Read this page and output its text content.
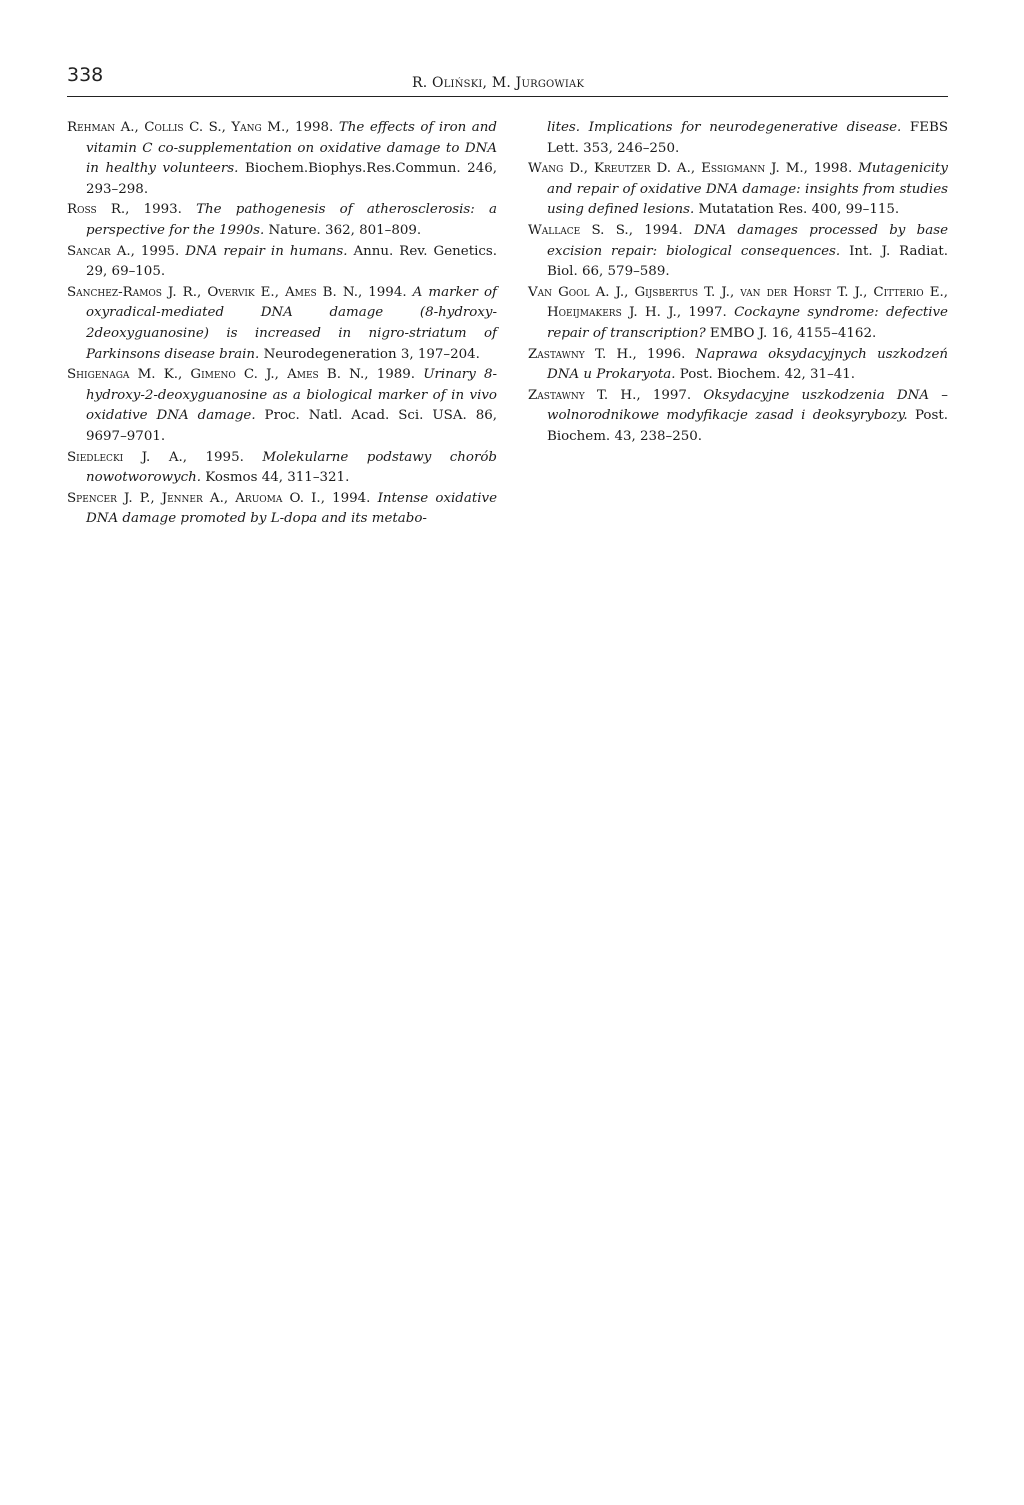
338	R. Oliński, M. Jurgowiak

Rehman A., Collis C. S., Yang M., 1998. The effects of iron and vitamin C co-supplementation on oxidative damage to DNA in healthy volunteers. Biochem.Biophys.Res.Commun. 246, 293–298.

Ross R., 1993. The pathogenesis of atherosclerosis: a perspective for the 1990s. Nature. 362, 801–809.

Sancar A., 1995. DNA repair in humans. Annu. Rev. Genetics. 29, 69–105.

Sanchez-Ramos J. R., Overvik E., Ames B. N., 1994. A marker of oxyradical-mediated DNA damage (8-hydroxy-2deoxyguanosine) is increased in nigro-striatum of Parkinsons disease brain. Neurodegeneration 3, 197–204.

Shigenaga M. K., Gimeno C. J., Ames B. N., 1989. Urinary 8-hydroxy-2-deoxyguanosine as a biological marker of in vivo oxidative DNA damage. Proc. Natl. Acad. Sci. USA. 86, 9697–9701.

Siedlecki J. A., 1995. Molekularne podstawy chorób nowotworowych. Kosmos 44, 311–321.

Spencer J. P., Jenner A., Aruoma O. I., 1994. Intense oxidative DNA damage promoted by L-dopa and its metabo-

lites. Implications for neurodegenerative disease. FEBS Lett. 353, 246–250.

Wang D., Kreutzer D. A., Essigmann J. M., 1998. Mutagenicity and repair of oxidative DNA damage: insights from studies using defined lesions. Mutatation Res. 400, 99–115.

Wallace S. S., 1994. DNA damages processed by base excision repair: biological consequences. Int. J. Radiat. Biol. 66, 579–589.

Van Gool A. J., Gijsbertus T. J., van der Horst T. J., Citterio E., Hoeijmakers J. H. J., 1997. Cockayne syndrome: defective repair of transcription? EMBO J. 16, 4155–4162.

Zastawny T. H., 1996. Naprawa oksydacyjnych uszkodzeń DNA u Prokaryota. Post. Biochem. 42, 31–41.

Zastawny T. H., 1997. Oksydacyjne uszkodzenia DNA – wolnorodnikowe modyfikacje zasad i deoksyrybozy. Post. Biochem. 43, 238–250.
